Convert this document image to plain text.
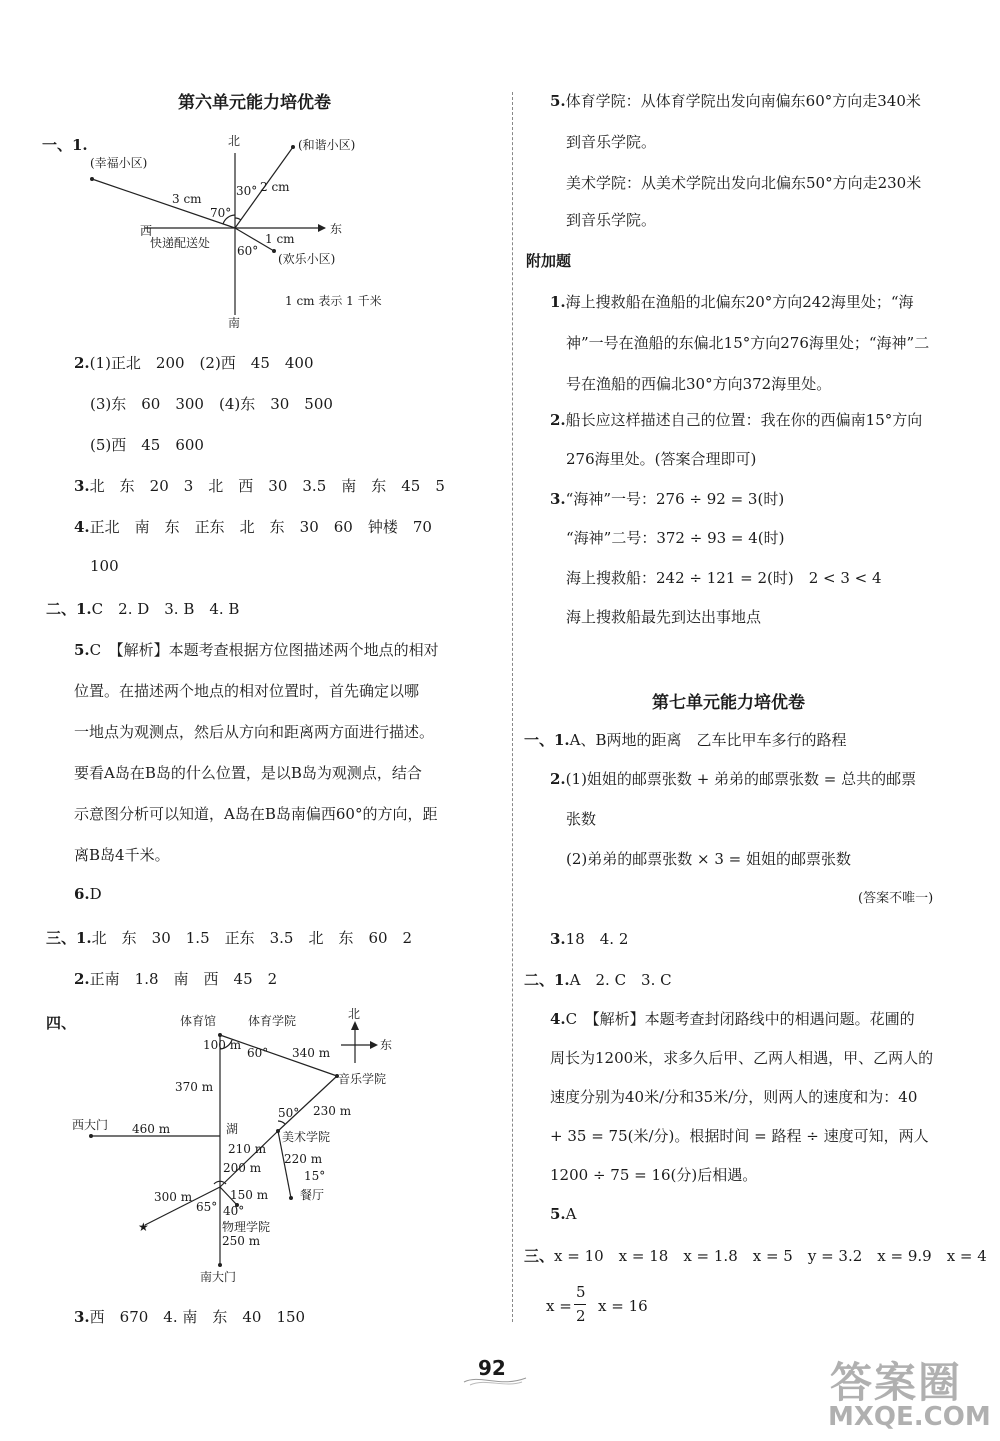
第六单元能力培优卷
一、1.	北
东
西
南
快递配送处
(幸福小区)
(和谐小区)
(欢乐小区)
3 cm
70°
30° 2 cm
1 cm
60°
1 cm 表示 1 千米
2.(1)正北　200　(2)西　45　400
(3)东　60　300　(4)东　30　500
(5)西　45　600
3.北　东　20　3　北　西　30　3.5　南　东　45　5
4.正北　南　东　正东　北　东　30　60　钟楼　70
100
二、1.C　2. D　3. B　4. B
5.C　【解析】本题考查根据方位图描述两个地点的相对
位置。在描述两个地点的相对位置时，首先确定以哪
一地点为观测点，然后从方向和距离两方面进行描述。
要看A岛在B岛的什么位置，是以B岛为观测点，结合
示意图分析可以知道，A岛在B岛南偏西60°的方向，距
离B岛4千米。
6.D
三、1.北　东　30　1.5　正东　3.5　北　东　60　2
2.正南　1.8　南　西　45　2
四、	体育馆	体育学院	北
东
100 m
60° 340 m
音乐学院
370 m
50° 230 m
西大门 460 m	湖
美术学院
210 m
220 m
200 m
15°
餐厅
300 m	150 m
65° 40°
物理学院
★
250 m
南大门
3.西　670　4. 南　东　40　150
5.体育学院：从体育学院出发向南偏东60°方向走340米
到音乐学院。
美术学院：从美术学院出发向北偏东50°方向走230米
到音乐学院。
附加题
1.海上搜救船在渔船的北偏东20°方向242海里处；“海
神”一号在渔船的东偏北15°方向276海里处；“海神”二
号在渔船的西偏北30°方向372海里处。
2.船长应这样描述自己的位置：我在你的西偏南15°方向
276海里处。(答案合理即可)
3.“海神”一号：276 ÷ 92 = 3(时)
“海神”二号：372 ÷ 93 = 4(时)
海上搜救船：242 ÷ 121 = 2(时)　2 < 3 < 4
海上搜救船最先到达出事地点
第七单元能力培优卷
一、1.A、B两地的距离　乙车比甲车多行的路程
2.(1)姐姐的邮票张数 + 弟弟的邮票张数 = 总共的邮票
张数
(2)弟弟的邮票张数 × 3 = 姐姐的邮票张数
(答案不唯一)
3.18　4. 2
二、1.A　2. C　3. C
4.C　【解析】本题考查封闭路线中的相遇问题。花圃的
周长为1200米，求多久后甲、乙两人相遇，甲、乙两人的
速度分别为40米/分和35米/分，则两人的速度和为：40
+ 35 = 75(米/分)。根据时间 = 路程 ÷ 速度可知，两人
1200 ÷ 75 = 16(分)后相遇。
5.A
三、x = 10　x = 18　x = 1.8　x = 5　y = 3.2　x = 9.9　x = 4
x =
5
2
x = 16
92	答案圈
MXQE.COM
